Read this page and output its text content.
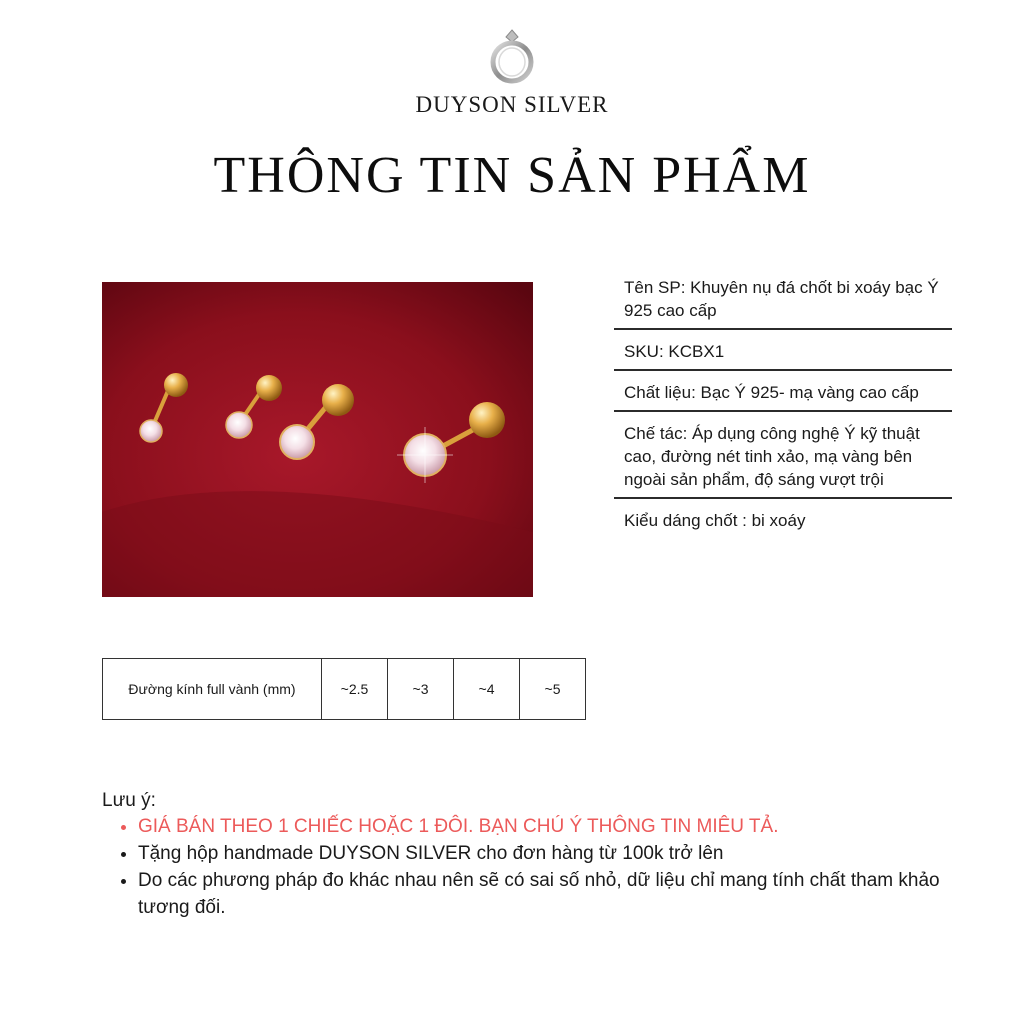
DUYSON SILVER
THÔNG TIN SẢN PHẨM
Tên SP: Khuyên nụ đá chốt bi xoáy bạc Ý 925 cao cấp
SKU: KCBX1
Chất liệu: Bạc Ý 925- mạ vàng cao cấp
Chế tác: Áp dụng công nghệ Ý kỹ thuật cao, đường nét tinh xảo, mạ vàng bên ngoài sản phẩm, độ sáng vượt trội
Kiểu dáng chốt : bi xoáy
Đường kính full vành (mm)	~2.5	~3	~4	~5
Lưu ý:
• GIÁ BÁN THEO 1 CHIẾC HOẶC 1 ĐÔI. BẠN CHÚ Ý THÔNG TIN MIÊU TẢ.
• Tặng hộp handmade DUYSON SILVER cho đơn hàng từ 100k trở lên
• Do các phương pháp đo khác nhau nên sẽ có sai số nhỏ, dữ liệu chỉ mang tính chất tham khảo tương đối.
